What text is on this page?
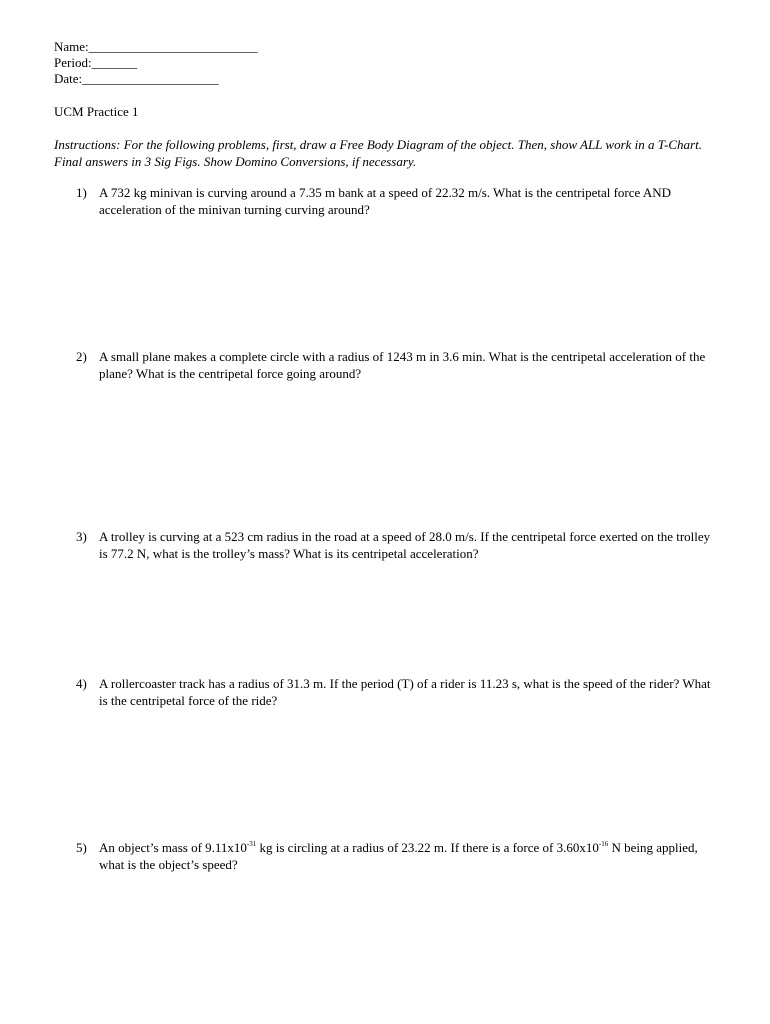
Name:__________________________
Period:_______
Date:_____________________
UCM Practice 1
Instructions: For the following problems, first, draw a Free Body Diagram of the object. Then, show ALL work in a T-Chart. Final answers in 3 Sig Figs. Show Domino Conversions, if necessary.
1) A 732 kg minivan is curving around a 7.35 m bank at a speed of 22.32 m/s. What is the centripetal force AND acceleration of the minivan turning curving around?
2) A small plane makes a complete circle with a radius of 1243 m in 3.6 min. What is the centripetal acceleration of the plane? What is the centripetal force going around?
3) A trolley is curving at a 523 cm radius in the road at a speed of 28.0 m/s. If the centripetal force exerted on the trolley is 77.2 N, what is the trolley’s mass? What is its centripetal acceleration?
4) A rollercoaster track has a radius of 31.3 m. If the period (T) of a rider is 11.23 s, what is the speed of the rider? What is the centripetal force of the ride?
5) An object’s mass of $9.11x10^{-31}$ kg is circling at a radius of 23.22 m. If there is a force of $3.60x10^{-16}$ N being applied, what is the object’s speed?
